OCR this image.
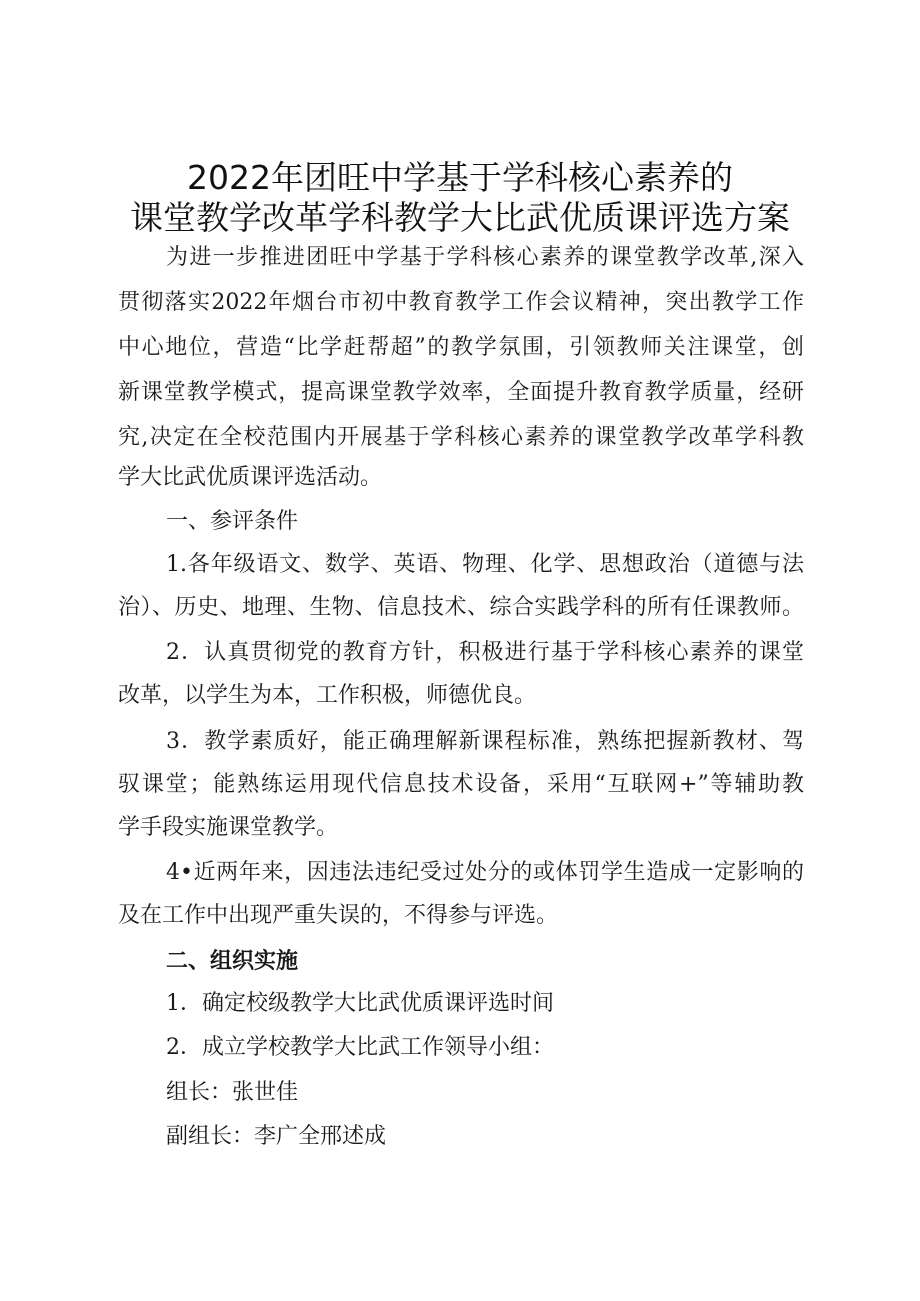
2022年团旺中学基于学科核心素养的
课堂教学改革学科教学大比武优质课评选方案
为进一步推进团旺中学基于学科核心素养的课堂教学改革,深入
贯彻落实2022年烟台市初中教育教学工作会议精神，突出教学工作
中心地位，营造“比学赶帮超”的教学氛围，引领教师关注课堂，创
新课堂教学模式，提高课堂教学效率，全面提升教育教学质量，经研
究,决定在全校范围内开展基于学科核心素养的课堂教学改革学科教
学大比武优质课评选活动。
一、参评条件
1.各年级语文、数学、英语、物理、化学、思想政治（道德与法
治）、历史、地理、生物、信息技术、综合实践学科的所有任课教师。
2．认真贯彻党的教育方针，积极进行基于学科核心素养的课堂
改革，以学生为本，工作积极，师德优良。
3．教学素质好，能正确理解新课程标准，熟练把握新教材、驾
驭课堂；能熟练运用现代信息技术设备，采用“互联网+”等辅助教
学手段实施课堂教学。
4•近两年来，因违法违纪受过处分的或体罚学生造成一定影响的
及在工作中出现严重失误的，不得参与评选。
二、组织实施
1．确定校级教学大比武优质课评选时间
2．成立学校教学大比武工作领导小组：
组长：张世佳
副组长：李广全邢述成
